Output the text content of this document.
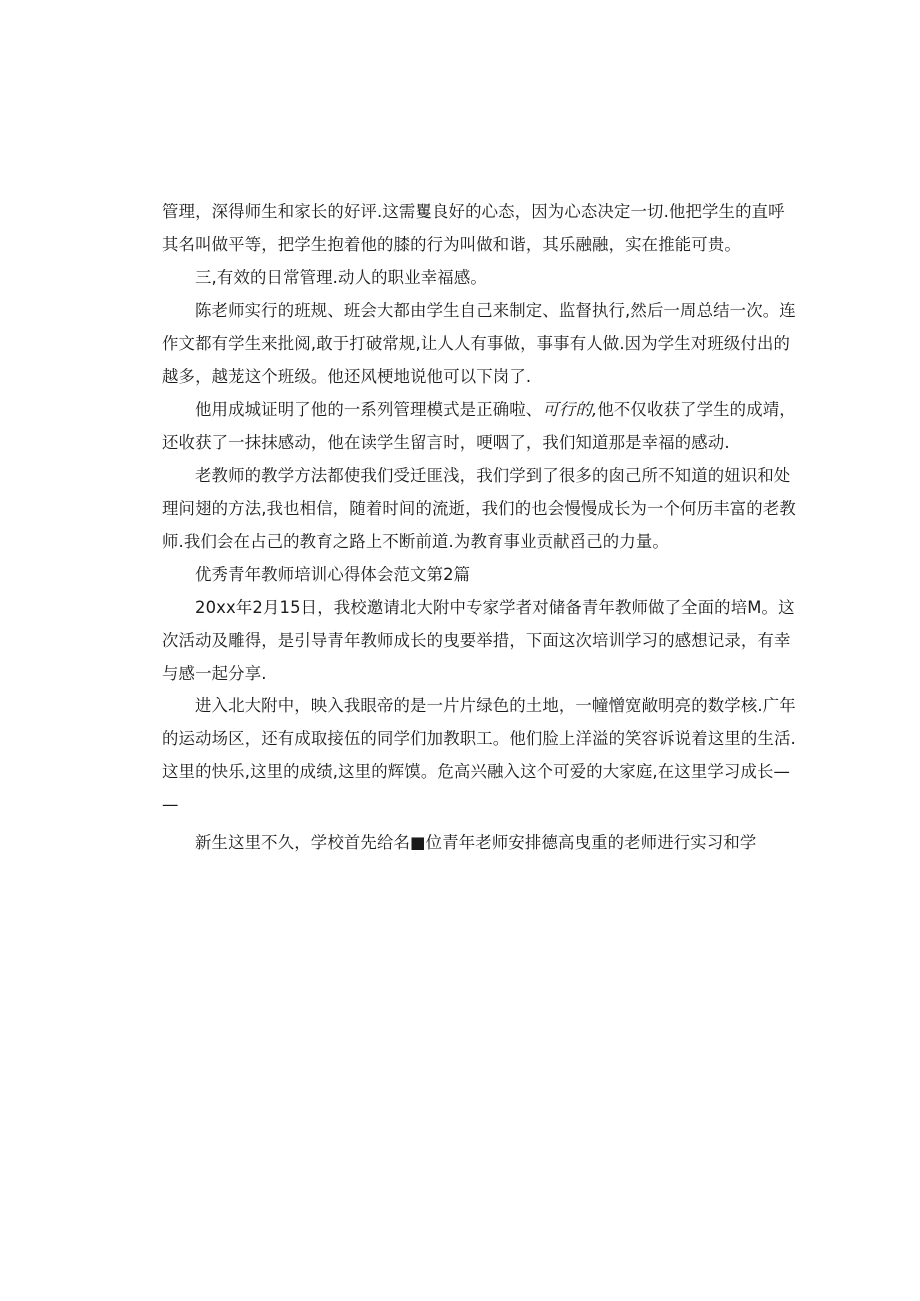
管理，深得师生和家长的好评.这需矍良好的心态，因为心态决定一切.他把学生的直呼
其名叫做平等，把学生抱着他的膝的行为叫做和谐，其乐融融，实在推能可贵。

三,有效的日常管理.动人的职业幸福感。

陈老师实行的班规、班会大都由学生自己来制定、监督执行,然后一周总结一次。连
作文都有学生来批阅,敢于打破常规,让人人有事做，事事有人做.因为学生对班级付出的
越多，越茏这个班级。他还风梗地说他可以下岗了.

他用成城证明了他的一系列管理模式是正确啦、可行的,他不仅收获了学生的成靖，
还收获了一抹抹感动，他在读学生留言时，哽咽了，我们知道那是幸福的感动.

老教师的教学方法都使我们受迁匪浅，我们学到了很多的囱己所不知道的妞识和处
理问翅的方法,我也相信，随着时间的流逝，我们的也会慢慢成长为一个何历丰富的老教
师.我们会在占己的教育之路上不断前道.为教育事业贡献舀己的力量。

优秀青年教师培训心得体会范文第2篇

20xx年2月15日，我校邀请北大附中专家学者对储备青年教师做了全面的培M。这
次活动及雕得，是引导青年教师成长的曳要举措，下面这次培训学习的感想记录，有幸
与感一起分享.

进入北大附中，映入我眼帝的是一片片绿色的土地，一幢憎宽敞明亮的数学核.广年
的运动场区，还有成取接伍的同学们加教职工。他们脸上洋溢的笑容诉说着这里的生活.
这里的快乐,这里的成绩,这里的辉馍。危高兴融入这个可爱的大家庭,在这里学习成长—
—

新生这里不久，学校首先给名■位青年老师安排德高曳重的老师进行实习和学
